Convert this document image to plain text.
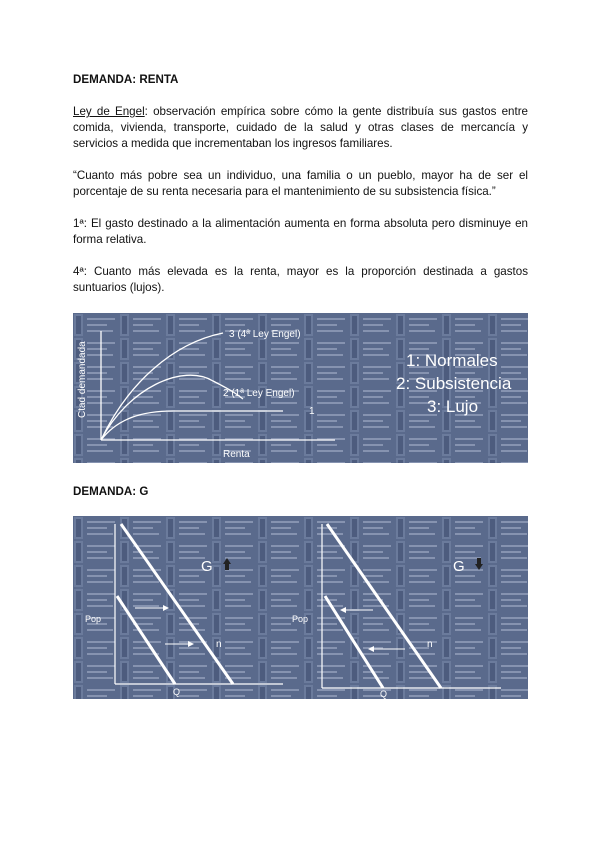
DEMANDA: RENTA
Ley de Engel: observación empírica sobre cómo la gente distribuía sus gastos entre comida, vivienda, transporte, cuidado de la salud y otras clases de mercancía y servicios a medida que incrementaban los ingresos familiares.
“Cuanto más pobre sea un individuo, una familia o un pueblo, mayor ha de ser el porcentaje de su renta necesaria para el mantenimiento de su subsistencia física.”
1ª: El gasto destinado a la alimentación aumenta en forma absoluta pero disminuye en forma relativa.
4ª: Cuanto más elevada es la renta, mayor es la proporción destinada a gastos suntuarios (lujos).
Ctad demandada
Renta
3 (4ª Ley Engel)
2 (1ª Ley Engel)
1
1: Normales
2: Subsistencia
3: Lujo
DEMANDA: G
G
Pop
Q
n
G
Pop
Q
n
